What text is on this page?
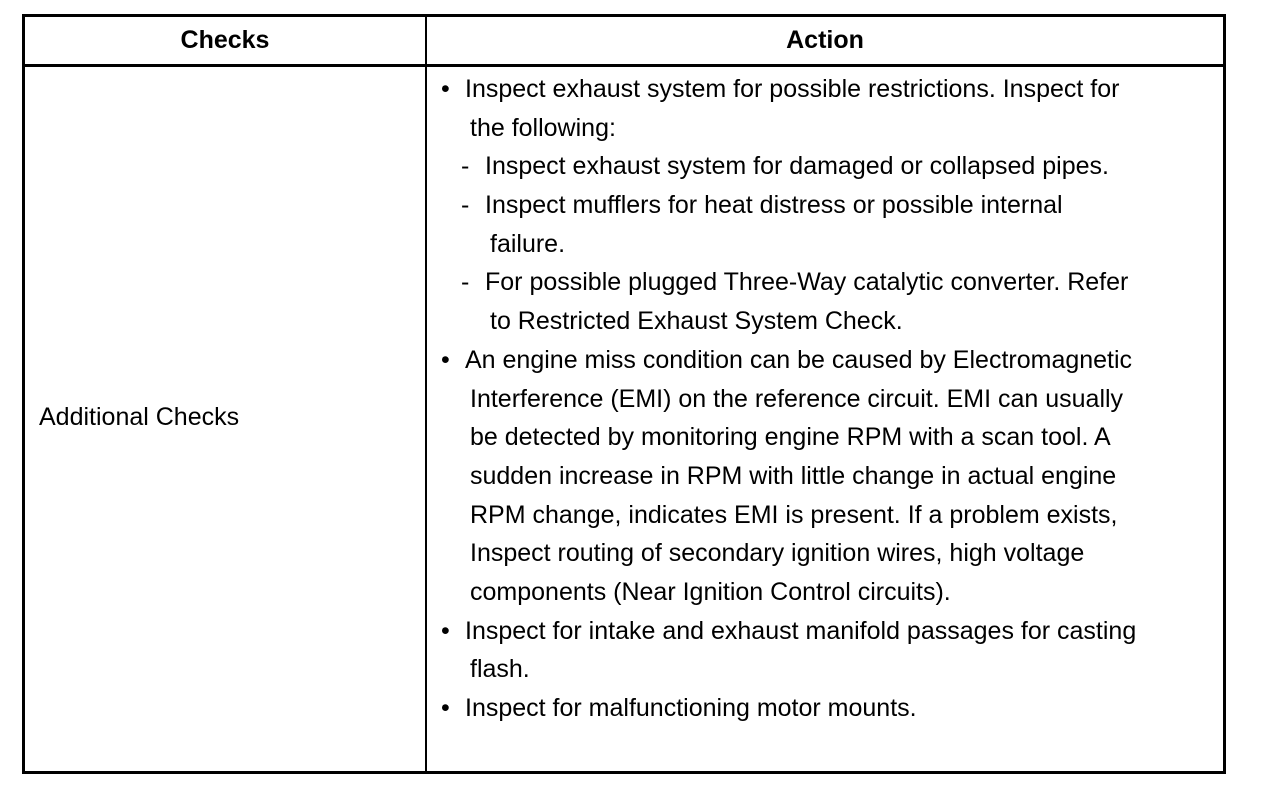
Checks	Action
Additional Checks
• Inspect exhaust system for possible restrictions. Inspect for
the following:
- Inspect exhaust system for damaged or collapsed pipes.
- Inspect mufflers for heat distress or possible internal
failure.
- For possible plugged Three-Way catalytic converter. Refer
to Restricted Exhaust System Check.
• An engine miss condition can be caused by Electromagnetic
Interference (EMI) on the reference circuit. EMI can usually
be detected by monitoring engine RPM with a scan tool. A
sudden increase in RPM with little change in actual engine
RPM change, indicates EMI is present. If a problem exists,
Inspect routing of secondary ignition wires, high voltage
components (Near Ignition Control circuits).
• Inspect for intake and exhaust manifold passages for casting
flash.
• Inspect for malfunctioning motor mounts.
